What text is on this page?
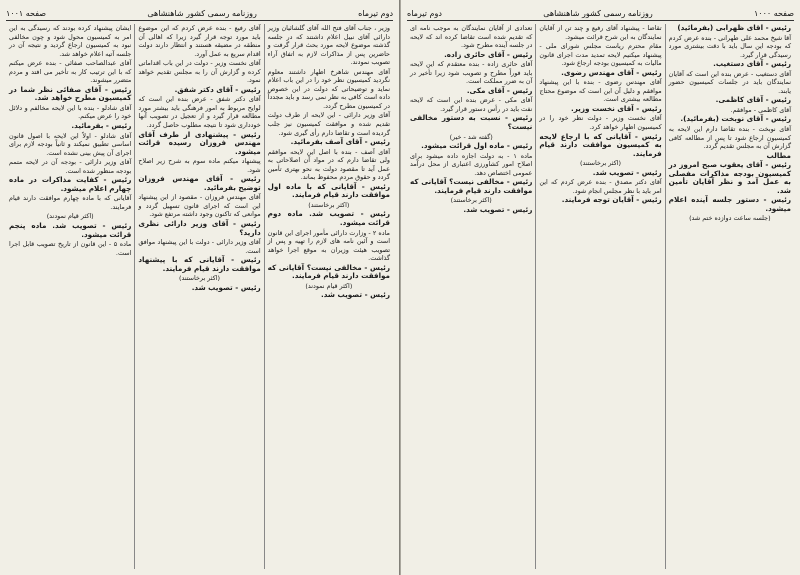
دوم تیرماه
روزنامه رسمی کشور شاهنشاهی
صفحه ۱۰۰۱

وزیر ، جناب آقای فتح الله آقای گلشائیان وزیر دارائی آقای نبیل اعلام داشتند که در جلسه گذشته موضوع لایحه مورد بحث قرار گرفت و حاضرین پس از مذاکرات لازم به اتفاق آراء تصویب نمودند.

آقای مهندس شاهرخ اظهار داشتند معلوم نگردید کمیسیون نظر خود را در این باب اعلام نماید و توضیحاتی که دولت در این خصوص داده است کافی به نظر نمی رسد و باید مجدداً در کمیسیون مطرح گردد.

آقای وزیر دارائی - این لایحه از طرف دولت تقدیم شده و موافقت کمیسیون نیز جلب گردیده است و تقاضا دارم رأی گیری شود.

رئیس - آقای آصف بفرمائید.

آقای آصف - بنده با اصل این لایحه موافقم ولی تقاضا دارم که در مواد آن اصلاحاتی به عمل آید تا مقصود دولت به نحو بهتری تأمین گردد و حقوق مردم محفوظ بماند.

رئیس - آقایانی که با ماده اول موافقت دارند قیام فرمایند.

(اکثر برخاستند)

رئیس - تصویب شد. ماده دوم قرائت میشود.

ماده ۲ - وزارت دارائی مأمور اجرای این قانون است و آئین نامه های لازم را تهیه و پس از تصویب هیئت وزیران به موقع اجرا خواهد گذاشت.

رئیس - مخالفی نیست؟ آقایانی که موافقت دارند قیام فرمایند.

(اکثر قیام نمودند)

رئیس - تصویب شد.

آقای رفیع - بنده عرض کردم که این موضوع باید مورد توجه قرار گیرد زیرا که اهالی آن منطقه در مضیقه هستند و انتظار دارند دولت اقدام سریع به عمل آورد.

آقای نخست وزیر - دولت در این باب اقداماتی کرده و گزارش آن را به مجلس تقدیم خواهد نمود.

رئیس - آقای دکتر شفق.

آقای دکتر شفق - عرض بنده این است که لوایح مربوط به امور فرهنگی باید بیشتر مورد مطالعه قرار گیرد و از تعجیل در تصویب آنها خودداری شود تا نتیجه مطلوب حاصل گردد.

رئیس - پیشنهادی از طرف آقای مهندس فروزان رسیده قرائت میشود.

پیشنهاد میکنم ماده سوم به شرح زیر اصلاح شود.

رئیس - آقای مهندس فروزان توضیح بفرمائید.

آقای مهندس فروزان - مقصود از این پیشنهاد این است که اجرای قانون تسهیل گردد و موانعی که تاکنون وجود داشته مرتفع شود.

رئیس - آقای وزیر دارائی نظری دارید؟

آقای وزیر دارائی - دولت با این پیشنهاد موافق است.

رئیس - آقایانی که با پیشنهاد موافقت دارند قیام فرمایند.

(اکثر برخاستند)

رئیس - تصویب شد.

ایشان پیشنهاد کرده بودند که رسیدگی به این امر به کمیسیون محول شود و چون مخالفی نبود به کمیسیون ارجاع گردید و نتیجه آن در جلسه آتیه اعلام خواهد شد.

آقای عبدالصاحب صفائی - بنده عرض میکنم که با این ترتیب کار به تأخیر می افتد و مردم متضرر میشوند.

رئیس - آقای صفائی نظر شما در کمیسیون مطرح خواهد شد.

آقای شادلو - بنده با این لایحه مخالفم و دلائل خود را عرض میکنم.

رئیس - بفرمائید.

آقای شادلو - اولاً این لایحه با اصول قانون اساسی تطبیق نمیکند و ثانیاً بودجه لازم برای اجرای آن پیش بینی نشده است.

آقای وزیر دارائی - بودجه آن در لایحه متمم بودجه منظور شده است.

رئیس - کفایت مذاکرات در ماده چهارم اعلام میشود.

آقایانی که با ماده چهارم موافقت دارند قیام فرمایند.

(اکثر قیام نمودند)

رئیس - تصویب شد. ماده پنجم قرائت میشود.

ماده ۵ - این قانون از تاریخ تصویب قابل اجرا است.

صفحه ۱۰۰۰
روزنامه رسمی کشور شاهنشاهی
دوم تیرماه

رئیس - آقای ظهرابی (بفرمائید)

آقا شیخ محمد علی طهرانی - بنده عرض کردم که بودجه این سال باید با دقت بیشتری مورد رسیدگی قرار گیرد.

رئیس - آقای دستغیب.

آقای دستغیب - عرض بنده این است که آقایان نمایندگان باید در جلسات کمیسیون حضور یابند.

رئیس - آقای کاظمی.

آقای کاظمی - موافقم.

رئیس - آقای نوبخت (بفرمائید).

آقای نوبخت - بنده تقاضا دارم این لایحه به کمیسیون ارجاع شود تا پس از مطالعه کافی گزارش آن به مجلس تقدیم گردد.

مطالب

رئیس - آقای یعقوب صبح امروز در کمیسیون بودجه مذاکرات مفصلی به عمل آمد و نظر آقایان تأمین شد.

رئیس - دستور جلسه آینده اعلام میشود.

(جلسه ساعت دوازده ختم شد)

تقاضا - پیشنهاد آقای رفیع و چند تن از آقایان نمایندگان به این شرح قرائت میشود.

مقام محترم ریاست مجلس شورای ملی - پیشنهاد میکنیم لایحه تمدید مدت اجرای قانون مالیات به کمیسیون بودجه ارجاع شود.

رئیس - آقای مهندس رضوی.

آقای مهندس رضوی - بنده با این پیشنهاد موافقم و دلیل آن این است که موضوع محتاج مطالعه بیشتری است.

رئیس - آقای نخست وزیر.

آقای نخست وزیر - دولت نظر خود را در کمیسیون اظهار خواهد کرد.

رئیس - آقایانی که با ارجاع لایحه به کمیسیون موافقت دارند قیام فرمایند.

(اکثر برخاستند)

رئیس - تصویب شد.

آقای دکتر مصدق - بنده عرض کردم که این امر باید با نظر مجلس انجام شود.

رئیس - آقایان توجه فرمایند.

تعدادی از آقایان نمایندگان به موجب نامه ای که تقدیم شده است تقاضا کرده اند که لایحه در جلسه آینده مطرح شود.

رئیس - آقای حائری زاده.

آقای حائری زاده - بنده معتقدم که این لایحه باید فوراً مطرح و تصویب شود زیرا تأخیر در آن به ضرر مملکت است.

رئیس - آقای مکی.

آقای مکی - عرض بنده این است که لایحه نفت باید در رأس دستور قرار گیرد.

رئیس - نسبت به دستور مخالفی نیست؟

(گفته شد - خیر)

رئیس - ماده اول قرائت میشود.

ماده ۱ - به دولت اجازه داده میشود برای اصلاح امور کشاورزی اعتباری از محل درآمد عمومی اختصاص دهد.

رئیس - مخالفی نیست؟ آقایانی که موافقت دارند قیام فرمایند.

(اکثر برخاستند)

رئیس - تصویب شد.
